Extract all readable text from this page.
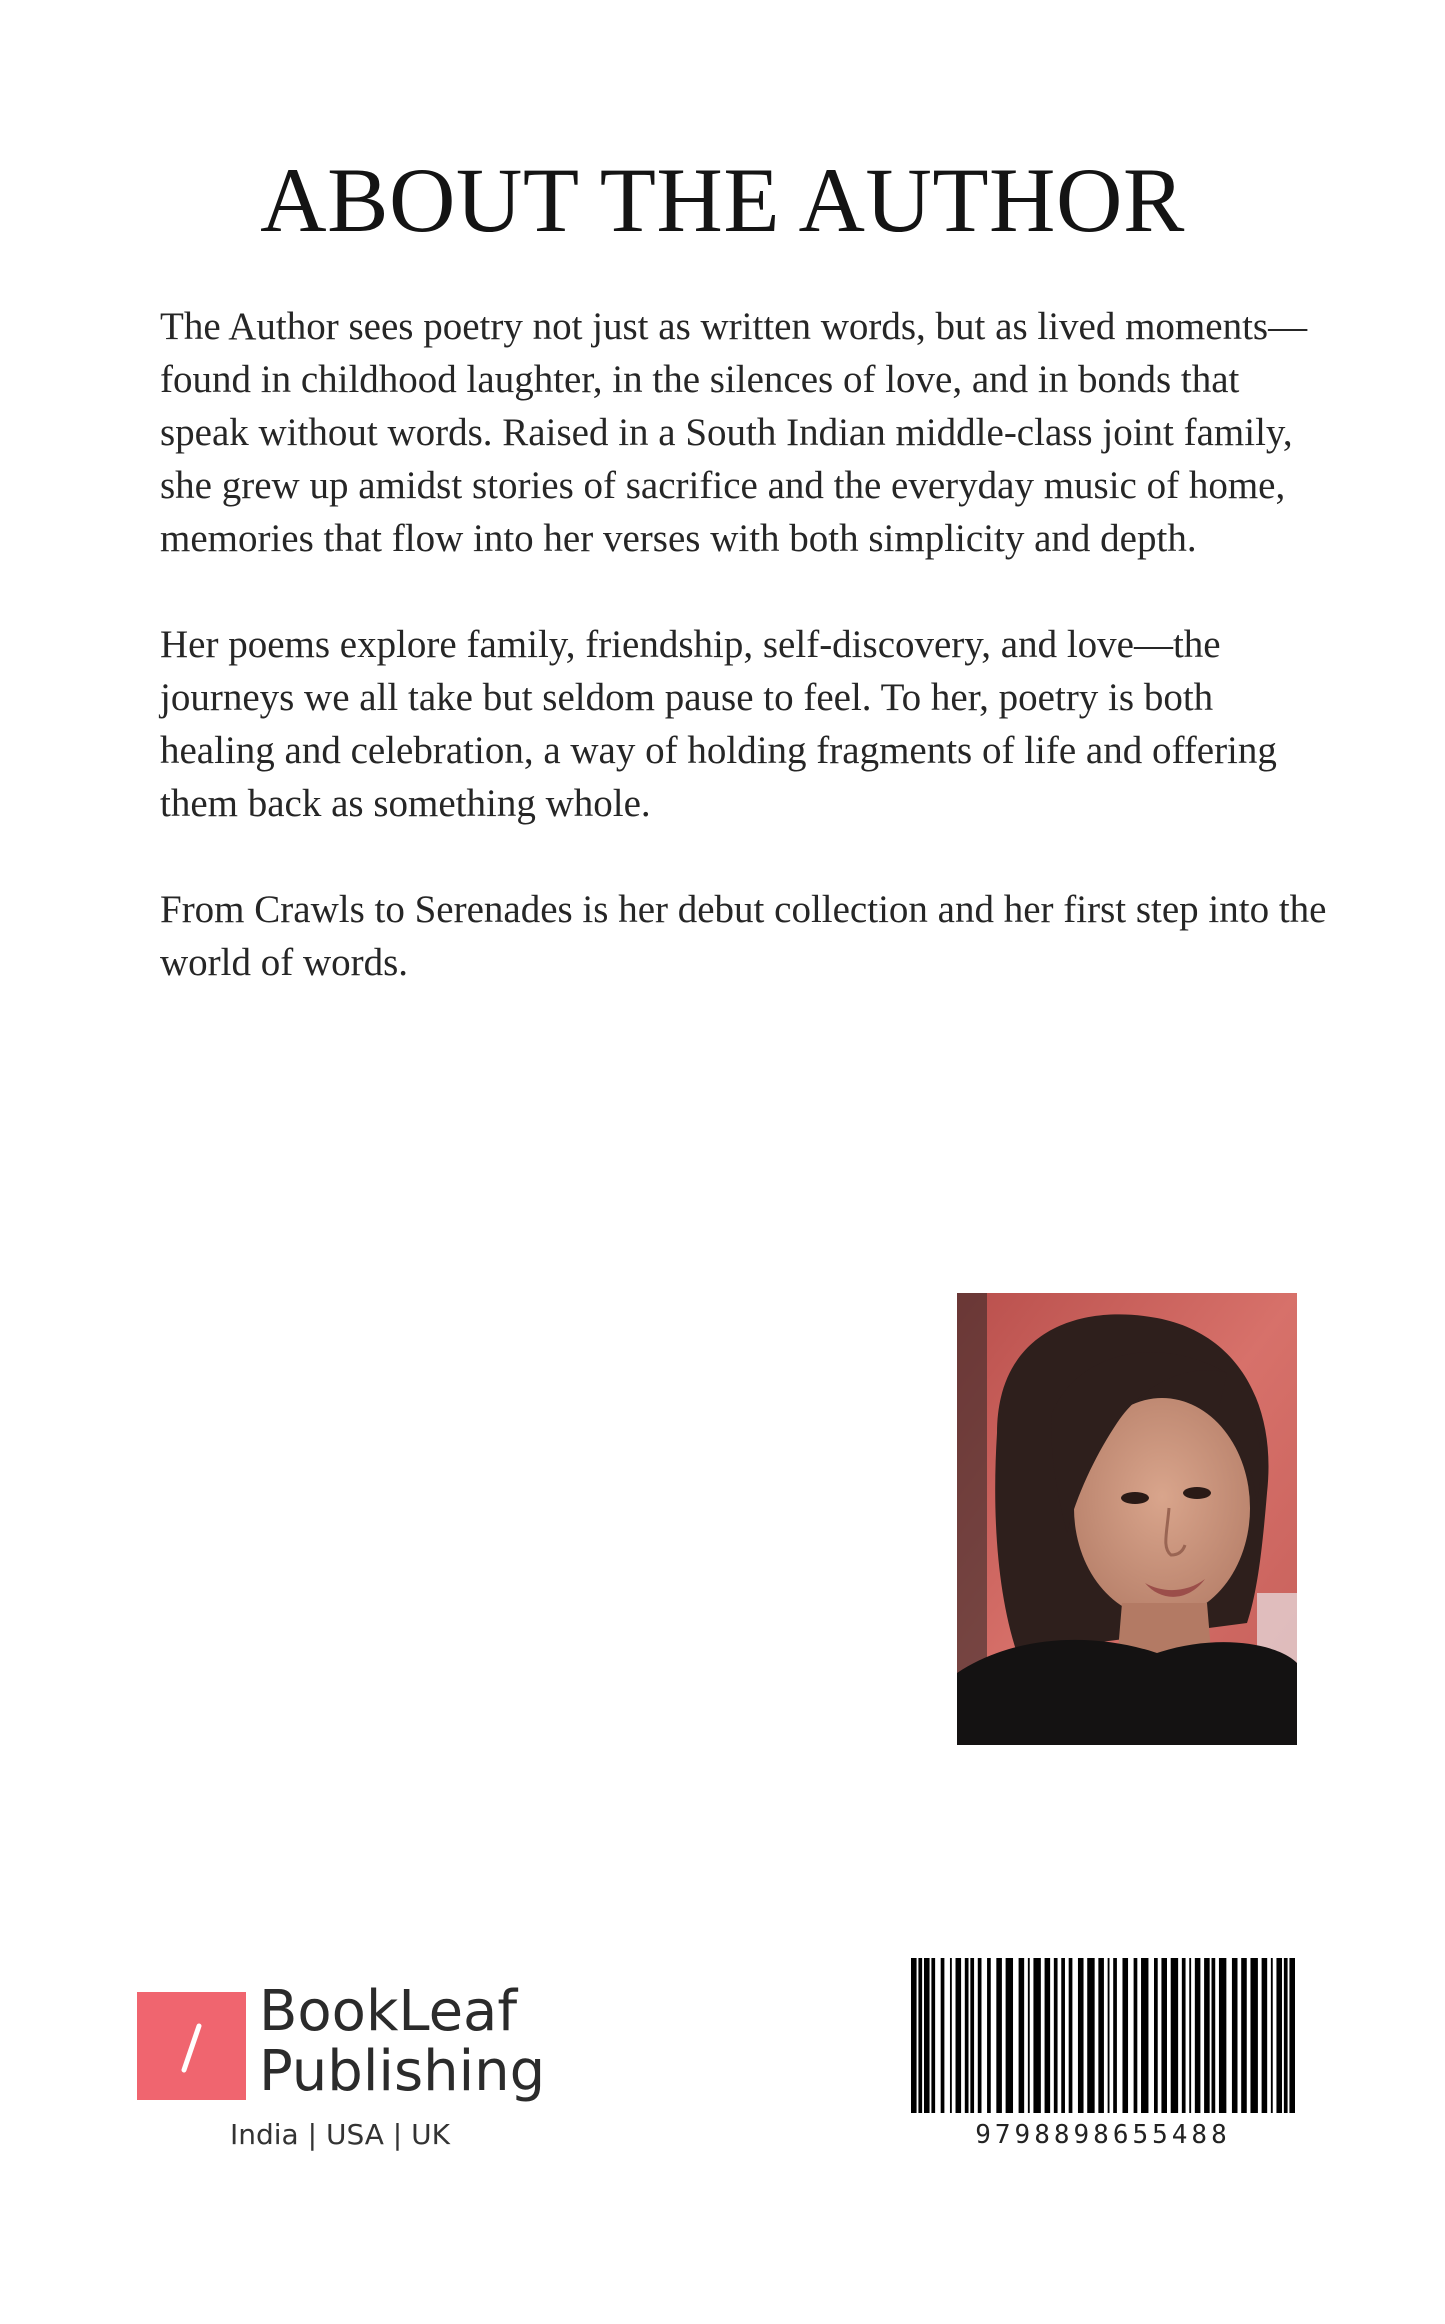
ABOUT THE AUTHOR

The Author sees poetry not just as written words, but as lived moments—found in childhood laughter, in the silences of love, and in bonds that speak without words. Raised in a South Indian middle-class joint family, she grew up amidst stories of sacrifice and the everyday music of home, memories that flow into her verses with both simplicity and depth.

Her poems explore family, friendship, self-discovery, and love—the journeys we all take but seldom pause to feel. To her, poetry is both healing and celebration, a way of holding fragments of life and offering them back as something whole.

From Crawls to Serenades is her debut collection and her first step into the world of words.

BookLeaf
Publishing
India | USA | UK	9798898655488
